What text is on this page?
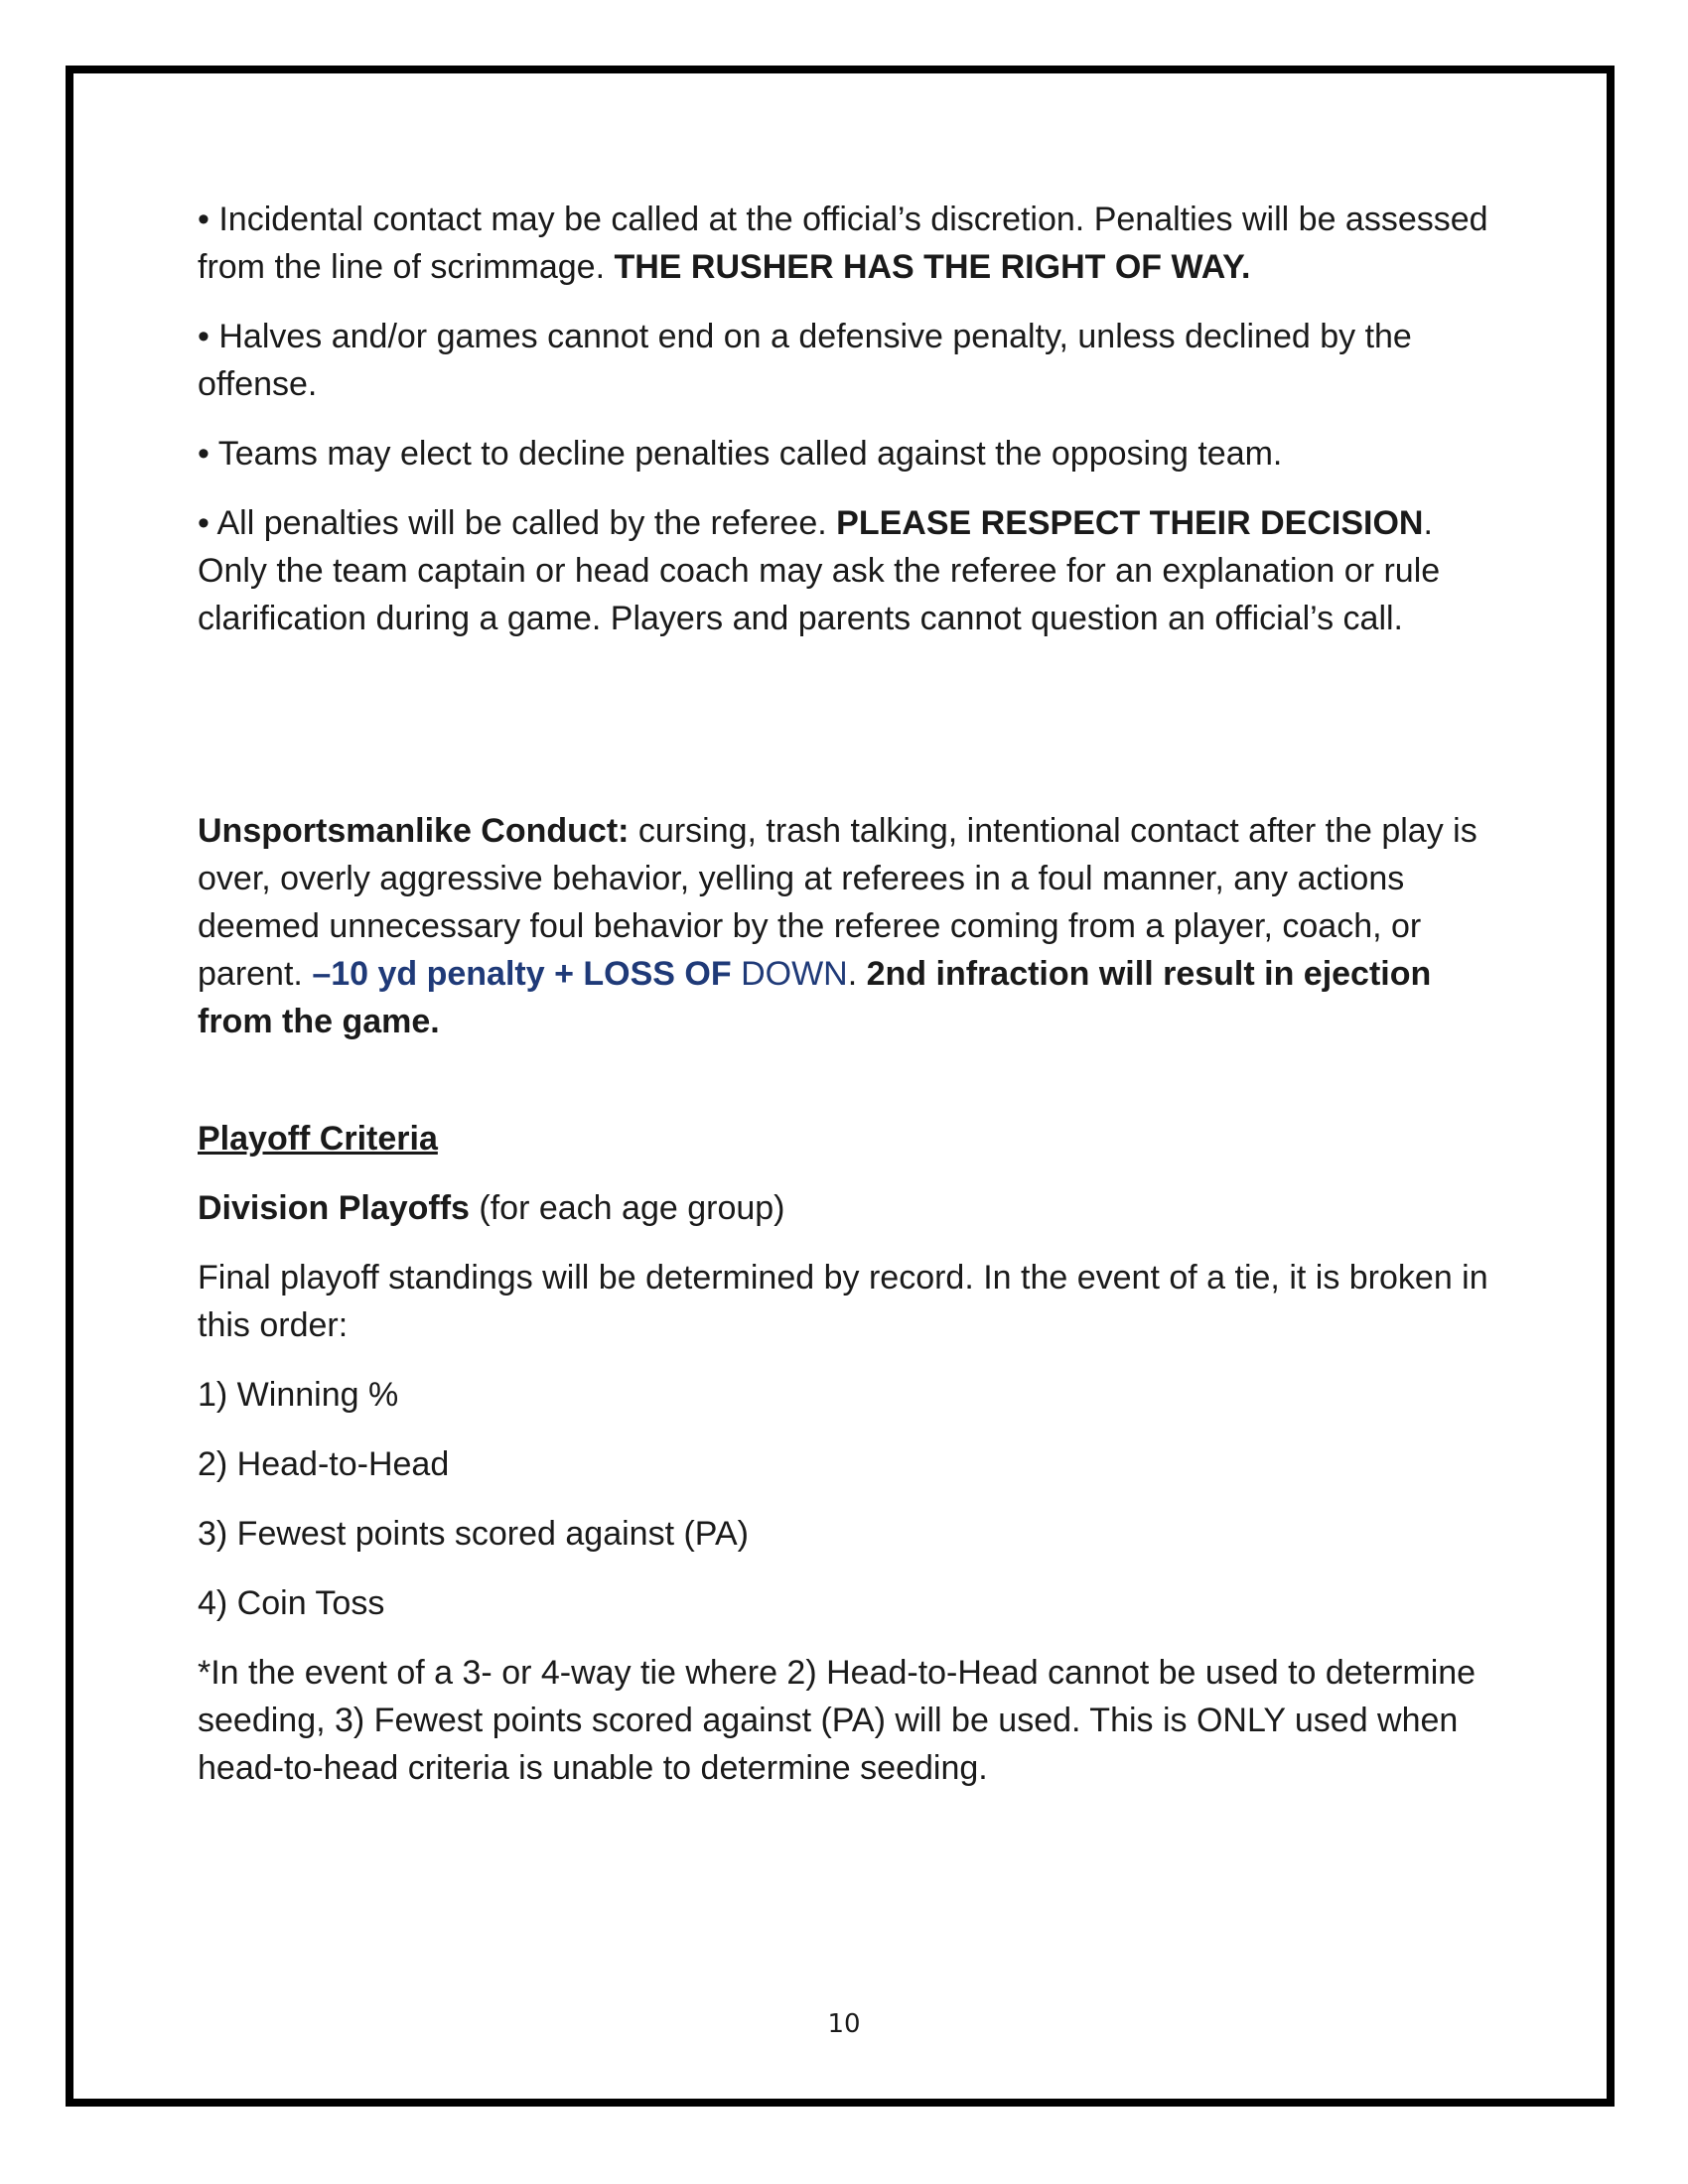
• Incidental contact may be called at the official’s discretion. Penalties will be assessed from the line of scrimmage. THE RUSHER HAS THE RIGHT OF WAY.

• Halves and/or games cannot end on a defensive penalty, unless declined by the offense.

• Teams may elect to decline penalties called against the opposing team.

• All penalties will be called by the referee. PLEASE RESPECT THEIR DECISION. Only the team captain or head coach may ask the referee for an explanation or rule clarification during a game. Players and parents cannot question an official’s call.

Unsportsmanlike Conduct: cursing, trash talking, intentional contact after the play is over, overly aggressive behavior, yelling at referees in a foul manner, any actions deemed unnecessary foul behavior by the referee coming from a player, coach, or parent. –10 yd penalty + LOSS OF DOWN. 2nd infraction will result in ejection from the game.

Playoff Criteria

Division Playoffs (for each age group)

Final playoff standings will be determined by record. In the event of a tie, it is broken in this order:

1) Winning %

2) Head-to-Head

3) Fewest points scored against (PA)

4) Coin Toss

*In the event of a 3- or 4-way tie where 2) Head-to-Head cannot be used to determine seeding, 3) Fewest points scored against (PA) will be used. This is ONLY used when head-to-head criteria is unable to determine seeding.

10
